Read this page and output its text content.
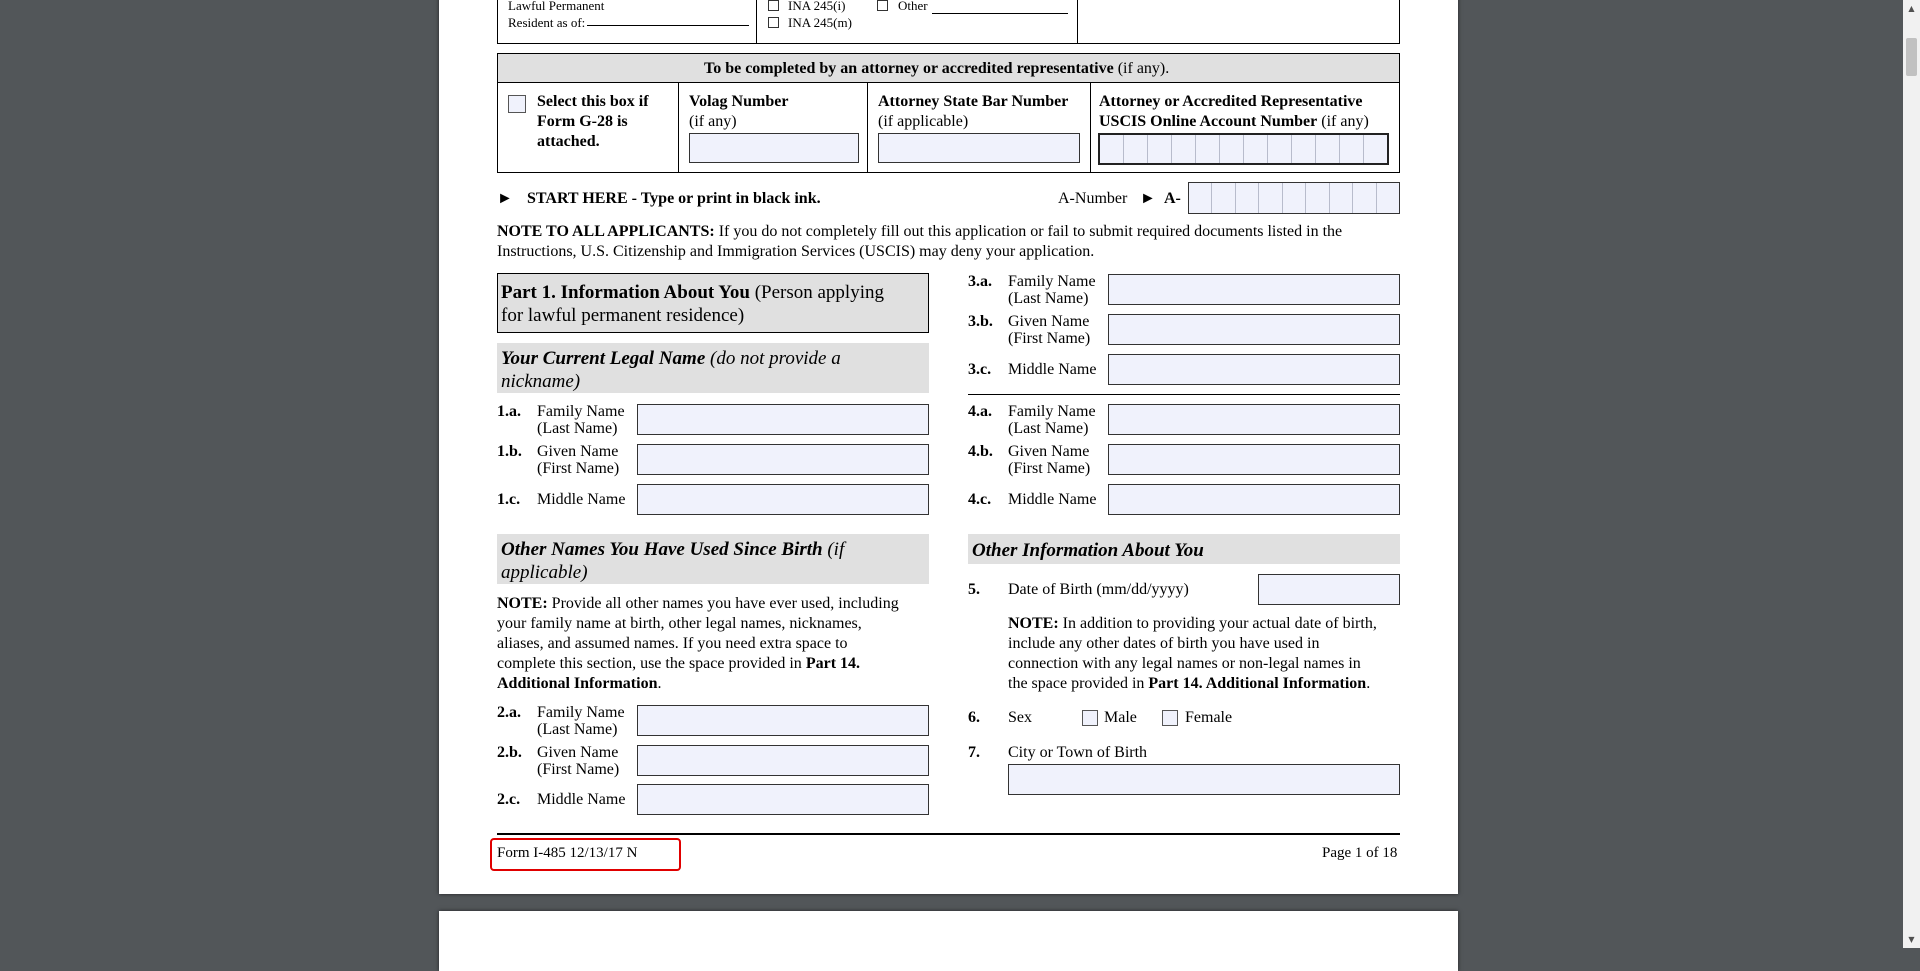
Lawful Permanent
Resident as of:
INA 245(i)
INA 245(m)
Other
To be completed by an attorney or accredited representative (if any).
Select this box if
Form G-28 is
attached.
Volag Number
(if any)
Attorney State Bar Number
(if applicable)
Attorney or Accredited Representative
USCIS Online Account Number (if any)
► START HERE - Type or print in black ink.	A-Number ► A-
NOTE TO ALL APPLICANTS: If you do not completely fill out this application or fail to submit required documents listed in the
Instructions, U.S. Citizenship and Immigration Services (USCIS) may deny your application.
Part 1. Information About You (Person applying
for lawful permanent residence)
Your Current Legal Name (do not provide a
nickname)
1.a. Family Name
(Last Name)
1.b. Given Name
(First Name)
1.c. Middle Name
Other Names You Have Used Since Birth (if
applicable)
NOTE: Provide all other names you have ever used, including
your family name at birth, other legal names, nicknames,
aliases, and assumed names. If you need extra space to
complete this section, use the space provided in Part 14.
Additional Information.
2.a. Family Name
(Last Name)
2.b. Given Name
(First Name)
2.c. Middle Name
3.a. Family Name
(Last Name)
3.b. Given Name
(First Name)
3.c. Middle Name
4.a. Family Name
(Last Name)
4.b. Given Name
(First Name)
4.c. Middle Name
Other Information About You
5. Date of Birth (mm/dd/yyyy)
NOTE: In addition to providing your actual date of birth,
include any other dates of birth you have used in
connection with any legal names or non-legal names in
the space provided in Part 14. Additional Information.
6. Sex	Male	Female
7. City or Town of Birth
Form I-485 12/13/17 N	Page 1 of 18
▲
▼
